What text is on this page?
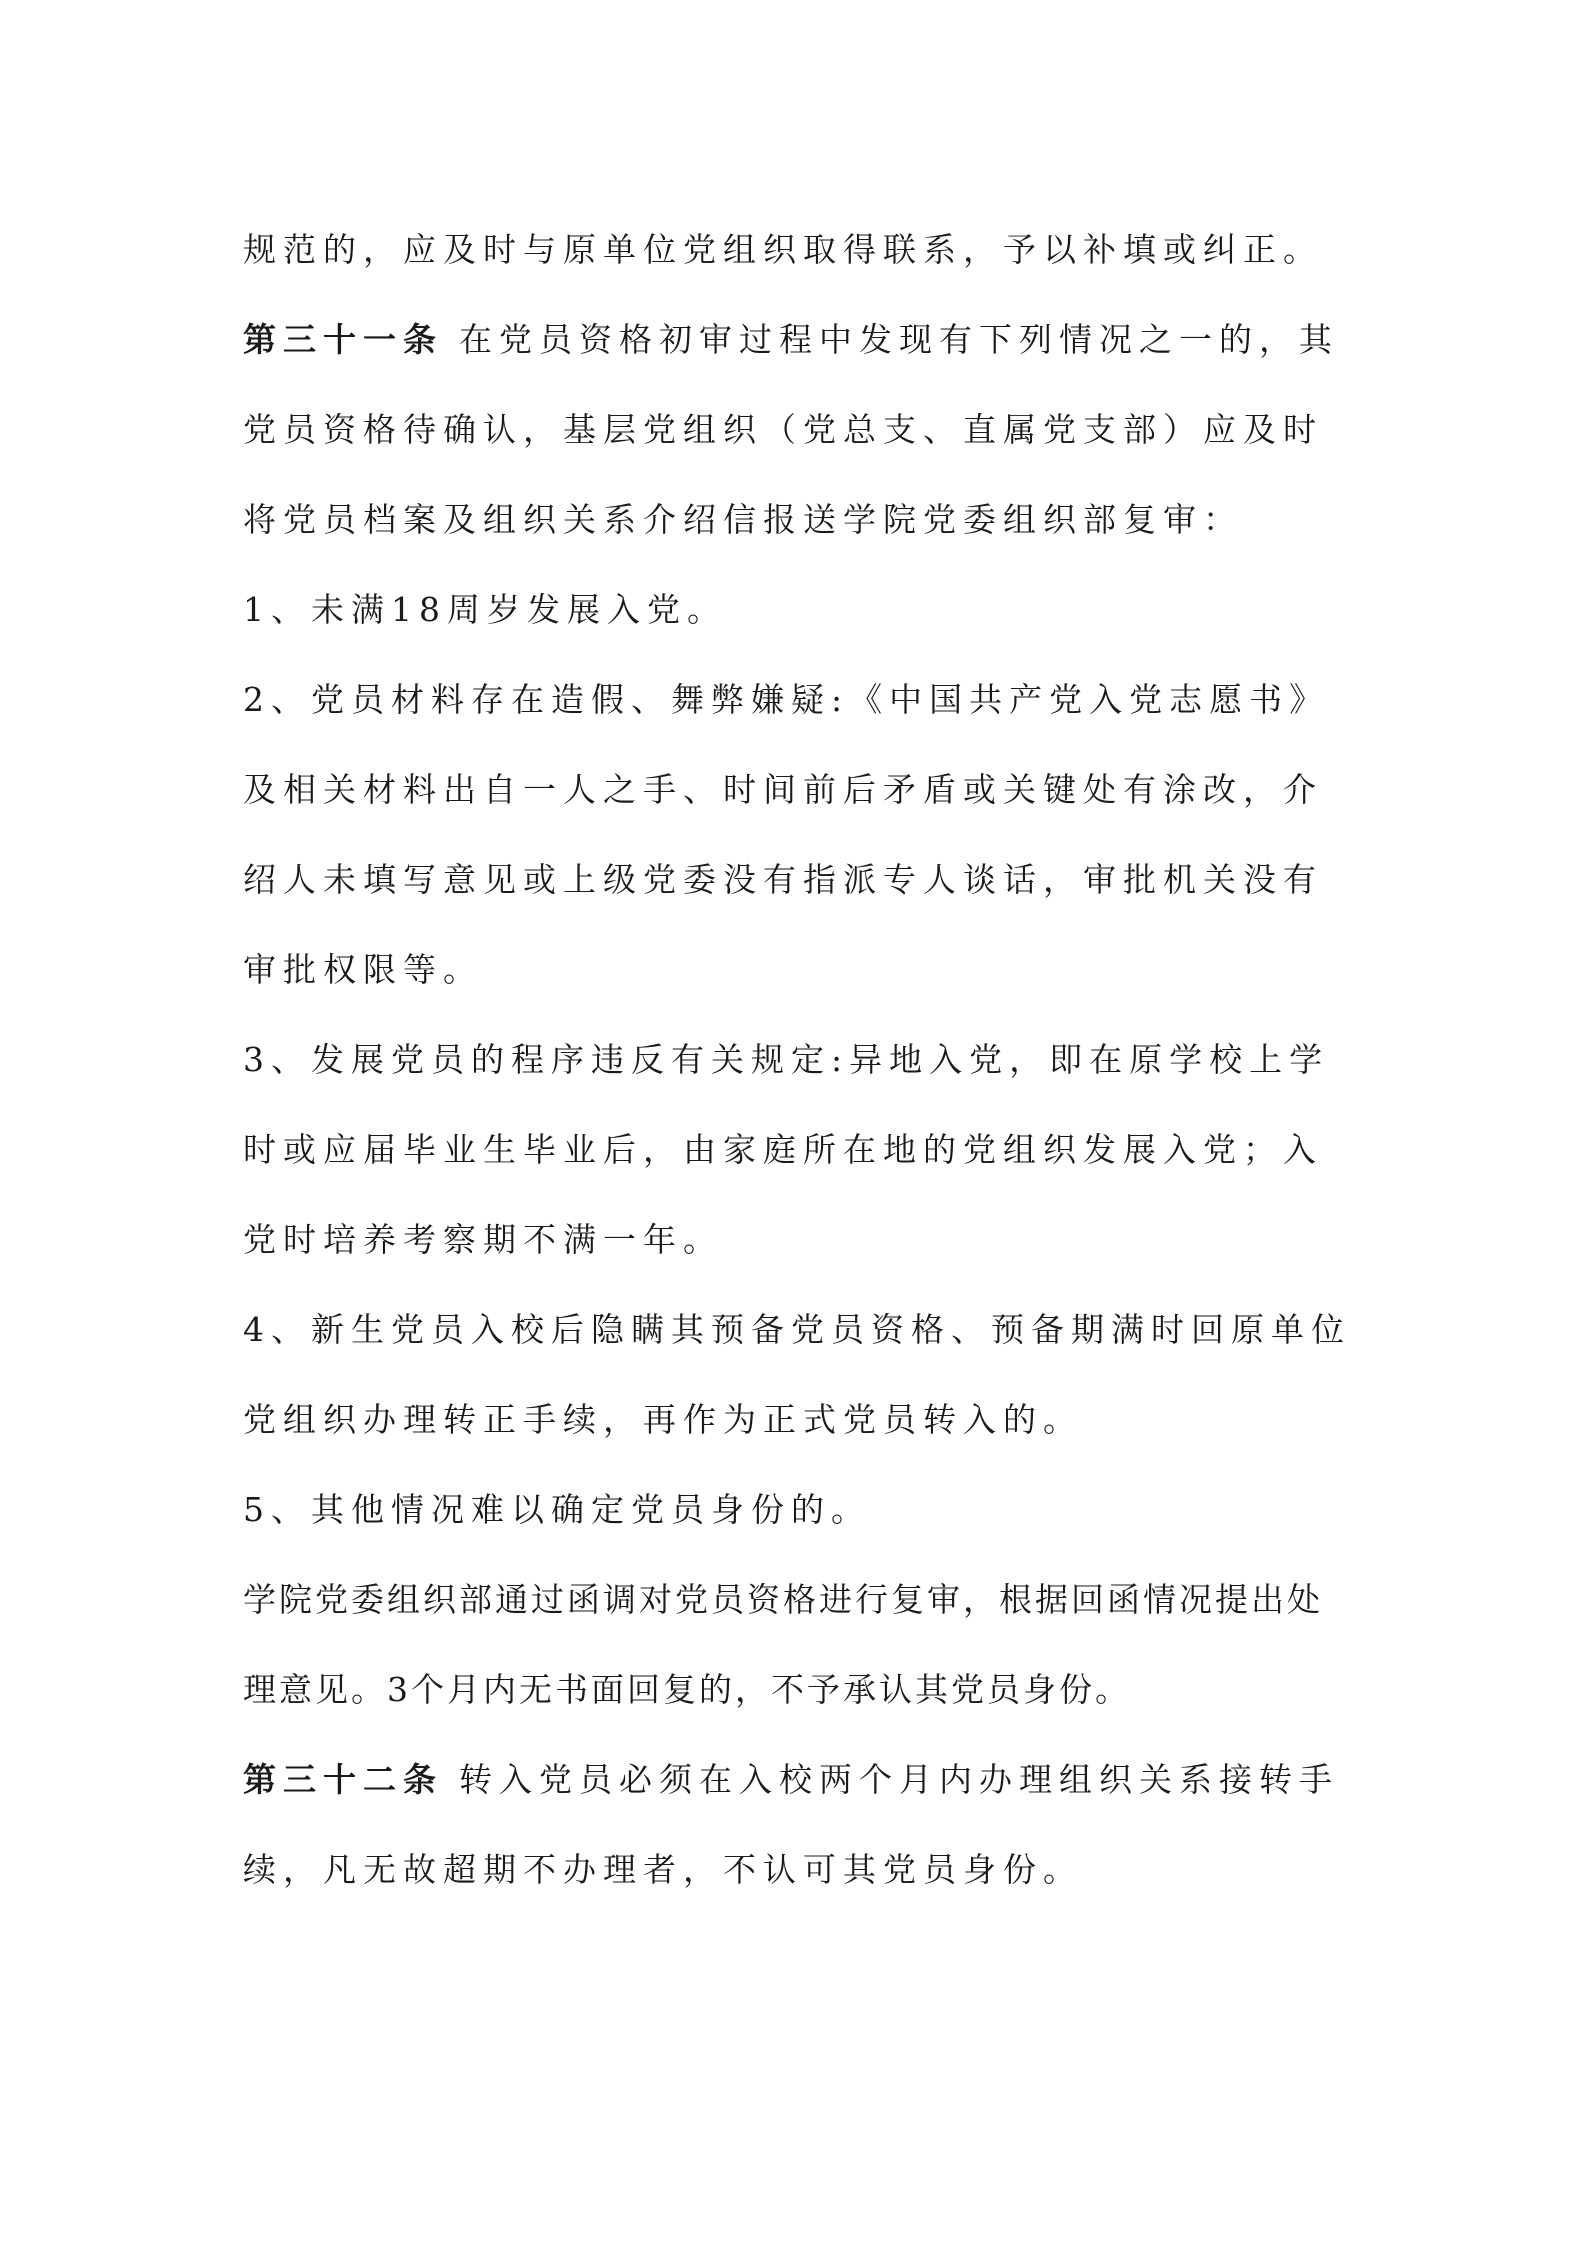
规范的，应及时与原单位党组织取得联系，予以补填或纠正。

第三十一条 在党员资格初审过程中发现有下列情况之一的，其党员资格待确认，基层党组织（党总支、直属党支部）应及时将党员档案及组织关系介绍信报送学院党委组织部复审：

1、未满18周岁发展入党。

2、党员材料存在造假、舞弊嫌疑:《中国共产党入党志愿书》及相关材料出自一人之手、时间前后矛盾或关键处有涂改，介绍人未填写意见或上级党委没有指派专人谈话，审批机关没有审批权限等。

3、发展党员的程序违反有关规定:异地入党，即在原学校上学时或应届毕业生毕业后，由家庭所在地的党组织发展入党；入党时培养考察期不满一年。

4、新生党员入校后隐瞒其预备党员资格、预备期满时回原单位党组织办理转正手续，再作为正式党员转入的。

5、其他情况难以确定党员身份的。

学院党委组织部通过函调对党员资格进行复审，根据回函情况提出处理意见。3个月内无书面回复的，不予承认其党员身份。

第三十二条 转入党员必须在入校两个月内办理组织关系接转手续，凡无故超期不办理者，不认可其党员身份。
